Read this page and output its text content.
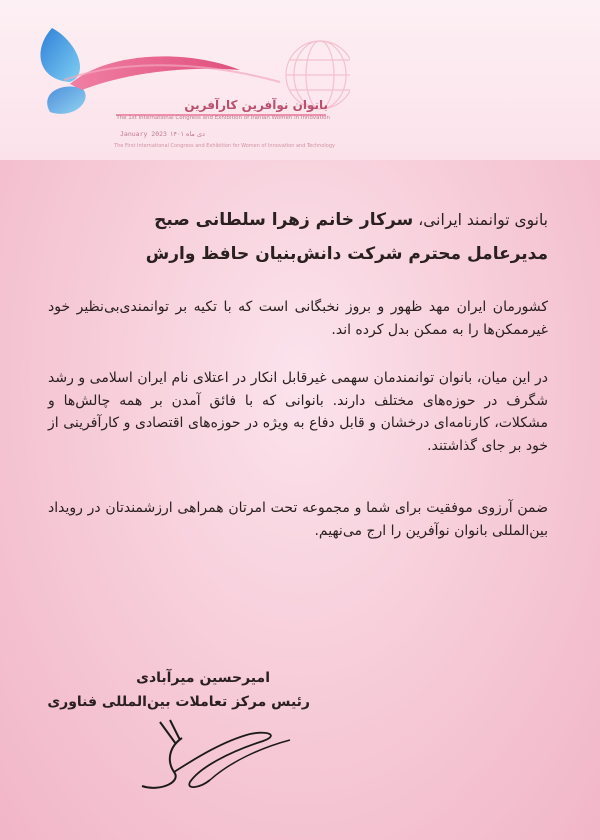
بانوان نوآفرین کارآفرین
The 1st International Congress and Exhibition of Iranian Women in Innovation
January 2023 دی ماه ۱۴۰۱
The First International Congress and Exhibition for Women of Innovation and Technology
بانوی توانمند ایرانی، سرکار خانم زهرا سلطانی صبح
مدیرعامل محترم شرکت دانش‌بنیان حافظ وارش
کشورمان ایران مهد ظهور و بروز نخبگانی است که با تکیه بر توانمندی‌بی‌نظیر خود غیرممکن‌ها را به ممکن بدل کرده اند.
در این میان، بانوان توانمندمان سهمی غیرقابل انکار در اعتلای نام ایران اسلامی و رشد شگرف در حوزه‌های مختلف دارند. بانوانی که با فائق آمدن بر همه چالش‌ها و مشکلات، کارنامه‌ای درخشان و قابل دفاع به ویژه در حوزه‌های اقتصادی و کارآفرینی از خود بر جای گذاشتند.
ضمن آرزوی موفقیت برای شما و مجموعه تحت امرتان همراهی ارزشمندتان در رویداد بین‌المللی بانوان نوآفرین را ارج می‌نهیم.
امیرحسین میرآبادی
رئیس مرکز تعاملات بین‌المللی فناوری
